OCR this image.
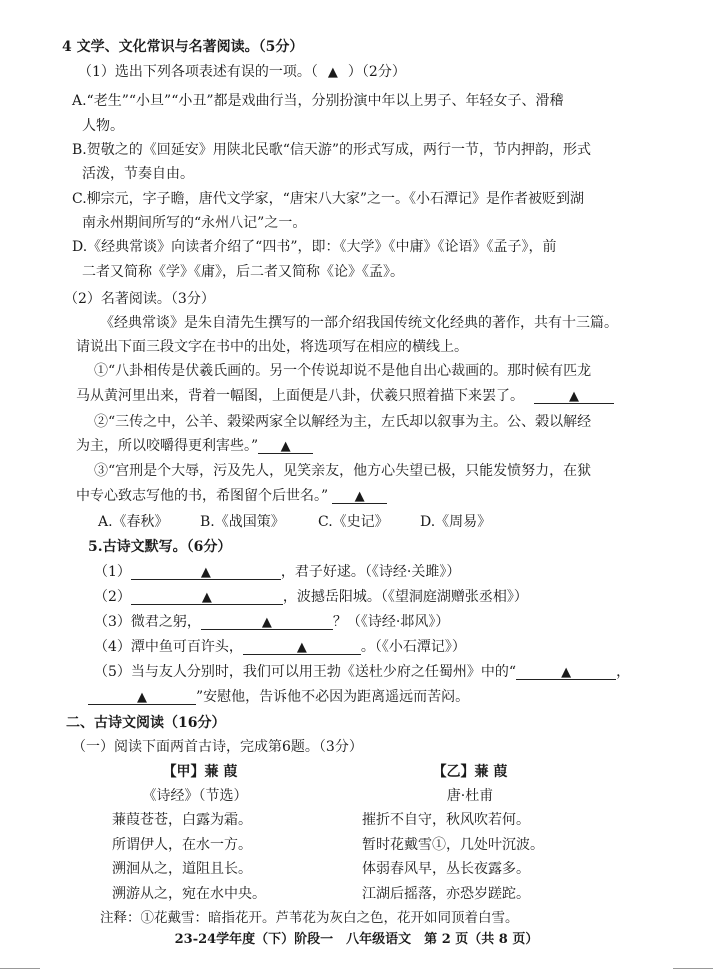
4 文学、文化常识与名著阅读。（5分）
（1）选出下列各项表述有误的一项。（ ▲ ）（2分）
A.“老生”“小旦”“小丑”都是戏曲行当，分别扮演中年以上男子、年轻女子、滑稽
人物。
B.贺敬之的《回延安》用陕北民歌“信天游”的形式写成，两行一节，节内押韵，形式
活泼，节奏自由。
C.柳宗元，字子瞻，唐代文学家，“唐宋八大家”之一。《小石潭记》是作者被贬到湖
南永州期间所写的“永州八记”之一。
D.《经典常谈》向读者介绍了“四书”，即：《大学》《中庸》《论语》《孟子》，前
二者又简称《学》《庸》，后二者又简称《论》《孟》。
（2）名著阅读。（3分）
《经典常谈》是朱自清先生撰写的一部介绍我国传统文化经典的著作，共有十三篇。
请说出下面三段文字在书中的出处，将选项写在相应的横线上。
①“八卦相传是伏羲氏画的。另一个传说却说不是他自出心裁画的。那时候有匹龙
马从黄河里出来，背着一幅图，上面便是八卦，伏羲只照着描下来罢了。	▲
②“三传之中，公羊、榖梁两家全以解经为主，左氏却以叙事为主。公、榖以解经
为主，所以咬嚼得更利害些。” ▲
③“宫刑是个大辱，污及先人，见笑亲友，他方心失望已极，只能发愤努力，在狱
中专心致志写他的书，希图留个后世名。” ▲
A.《春秋》 B.《战国策》 C.《史记》 D.《周易》
5.古诗文默写。（6分）
（1）	▲	，君子好逑。（《诗经·关雎》）
（2）	▲	，波撼岳阳城。（《望洞庭湖赠张丞相》）
（3）微君之躬，	▲	？（《诗经·邶风》）
（4）潭中鱼可百许头，	▲	。（《小石潭记》）
（5）当与友人分别时，我们可以用王勃《送杜少府之任蜀州》中的“	▲	，
▲	”安慰他，告诉他不必因为距离遥远而苦闷。
二、古诗文阅读（16分）
（一）阅读下面两首古诗，完成第6题。（3分）
【甲】蒹 葭
《诗经》（节选）
蒹葭苍苍，白露为霜。
所谓伊人，在水一方。
溯洄从之，道阻且长。
溯游从之，宛在水中央。
【乙】蒹 葭
唐·杜甫
摧折不自守，秋风吹若何。
暂时花戴雪①，几处叶沉波。
体弱春风早，丛长夜露多。
江湖后摇落，亦恐岁蹉跎。
注释：①花戴雪：暗指花开。芦苇花为灰白之色，花开如同顶着白雪。
23-24学年度（下）阶段一　八年级语文　第 2 页（共 8 页）
